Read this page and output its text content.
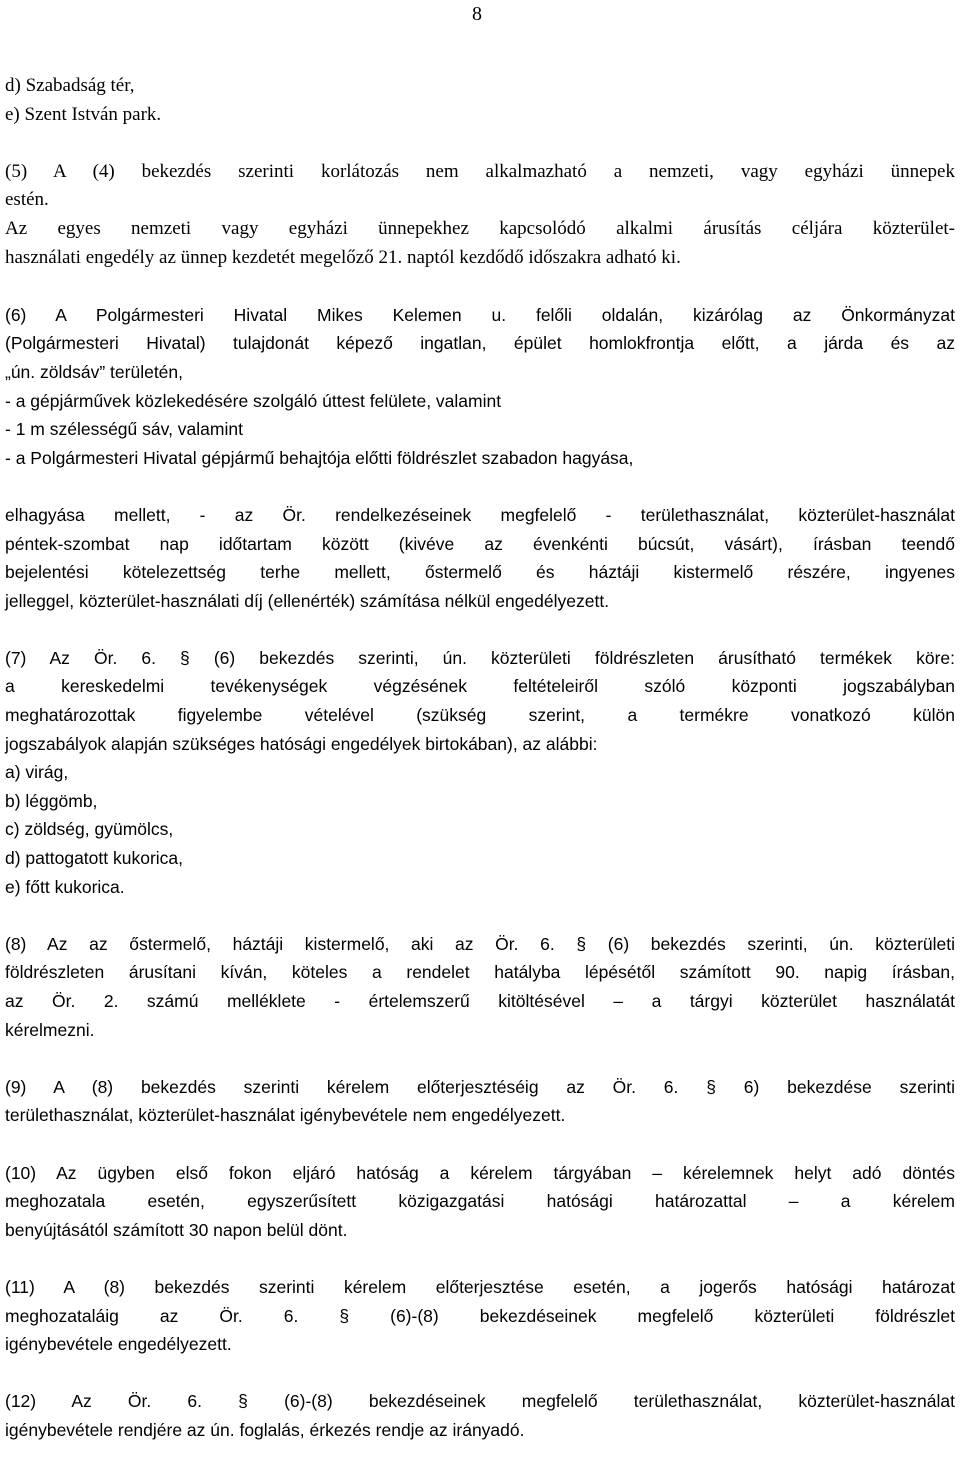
8
d) Szabadság tér,
e) Szent István park.
(5) A (4) bekezdés szerinti korlátozás nem alkalmazható a nemzeti, vagy egyházi ünnepek
estén.
Az egyes nemzeti vagy egyházi ünnepekhez kapcsolódó alkalmi árusítás céljára közterület-
használati engedély az ünnep kezdetét megelőző 21. naptól kezdődő időszakra adható ki.
(6) A Polgármesteri Hivatal Mikes Kelemen u. felőli oldalán, kizárólag az Önkormányzat
(Polgármesteri Hivatal) tulajdonát képező ingatlan, épület homlokfrontja előtt, a járda és az
„ún. zöldsáv” területén,
- a gépjárművek közlekedésére szolgáló úttest felülete, valamint
- 1 m szélességű sáv, valamint
- a Polgármesteri Hivatal gépjármű behajtója előtti földrészlet szabadon hagyása,
elhagyása mellett, - az Ör. rendelkezéseinek megfelelő - területhasználat, közterület-használat
péntek-szombat nap időtartam között (kivéve az évenkénti búcsút, vásárt), írásban teendő
bejelentési kötelezettség terhe mellett, őstermelő és háztáji kistermelő részére, ingyenes
jelleggel, közterület-használati díj (ellenérték) számítása nélkül engedélyezett.
(7) Az Ör. 6. § (6) bekezdés szerinti, ún. közterületi földrészleten árusítható termékek köre:
a kereskedelmi tevékenységek végzésének feltételeiről szóló központi jogszabályban
meghatározottak figyelembe vételével (szükség szerint, a termékre vonatkozó külön
jogszabályok alapján szükséges hatósági engedélyek birtokában), az alábbi:
a) virág,
b) léggömb,
c) zöldség, gyümölcs,
d) pattogatott kukorica,
e) főtt kukorica.
(8) Az az őstermelő, háztáji kistermelő, aki az Ör. 6. § (6) bekezdés szerinti, ún. közterületi
földrészleten árusítani kíván, köteles a rendelet hatályba lépésétől számított 90. napig írásban,
az Ör. 2. számú melléklete - értelemszerű kitöltésével – a tárgyi közterület használatát
kérelmezni.
(9) A (8) bekezdés szerinti kérelem előterjesztéséig az Ör. 6. § 6) bekezdése szerinti
területhasználat, közterület-használat igénybevétele nem engedélyezett.
(10) Az ügyben első fokon eljáró hatóság a kérelem tárgyában – kérelemnek helyt adó döntés
meghozatala esetén, egyszerűsített közigazgatási hatósági határozattal – a kérelem
benyújtásától számított 30 napon belül dönt.
(11) A (8) bekezdés szerinti kérelem előterjesztése esetén, a jogerős hatósági határozat
meghozataláig az Ör. 6. § (6)-(8) bekezdéseinek megfelelő közterületi földrészlet
igénybevétele engedélyezett.
(12) Az Ör. 6. § (6)-(8) bekezdéseinek megfelelő területhasználat, közterület-használat
igénybevétele rendjére az ún. foglalás, érkezés rendje az irányadó.
